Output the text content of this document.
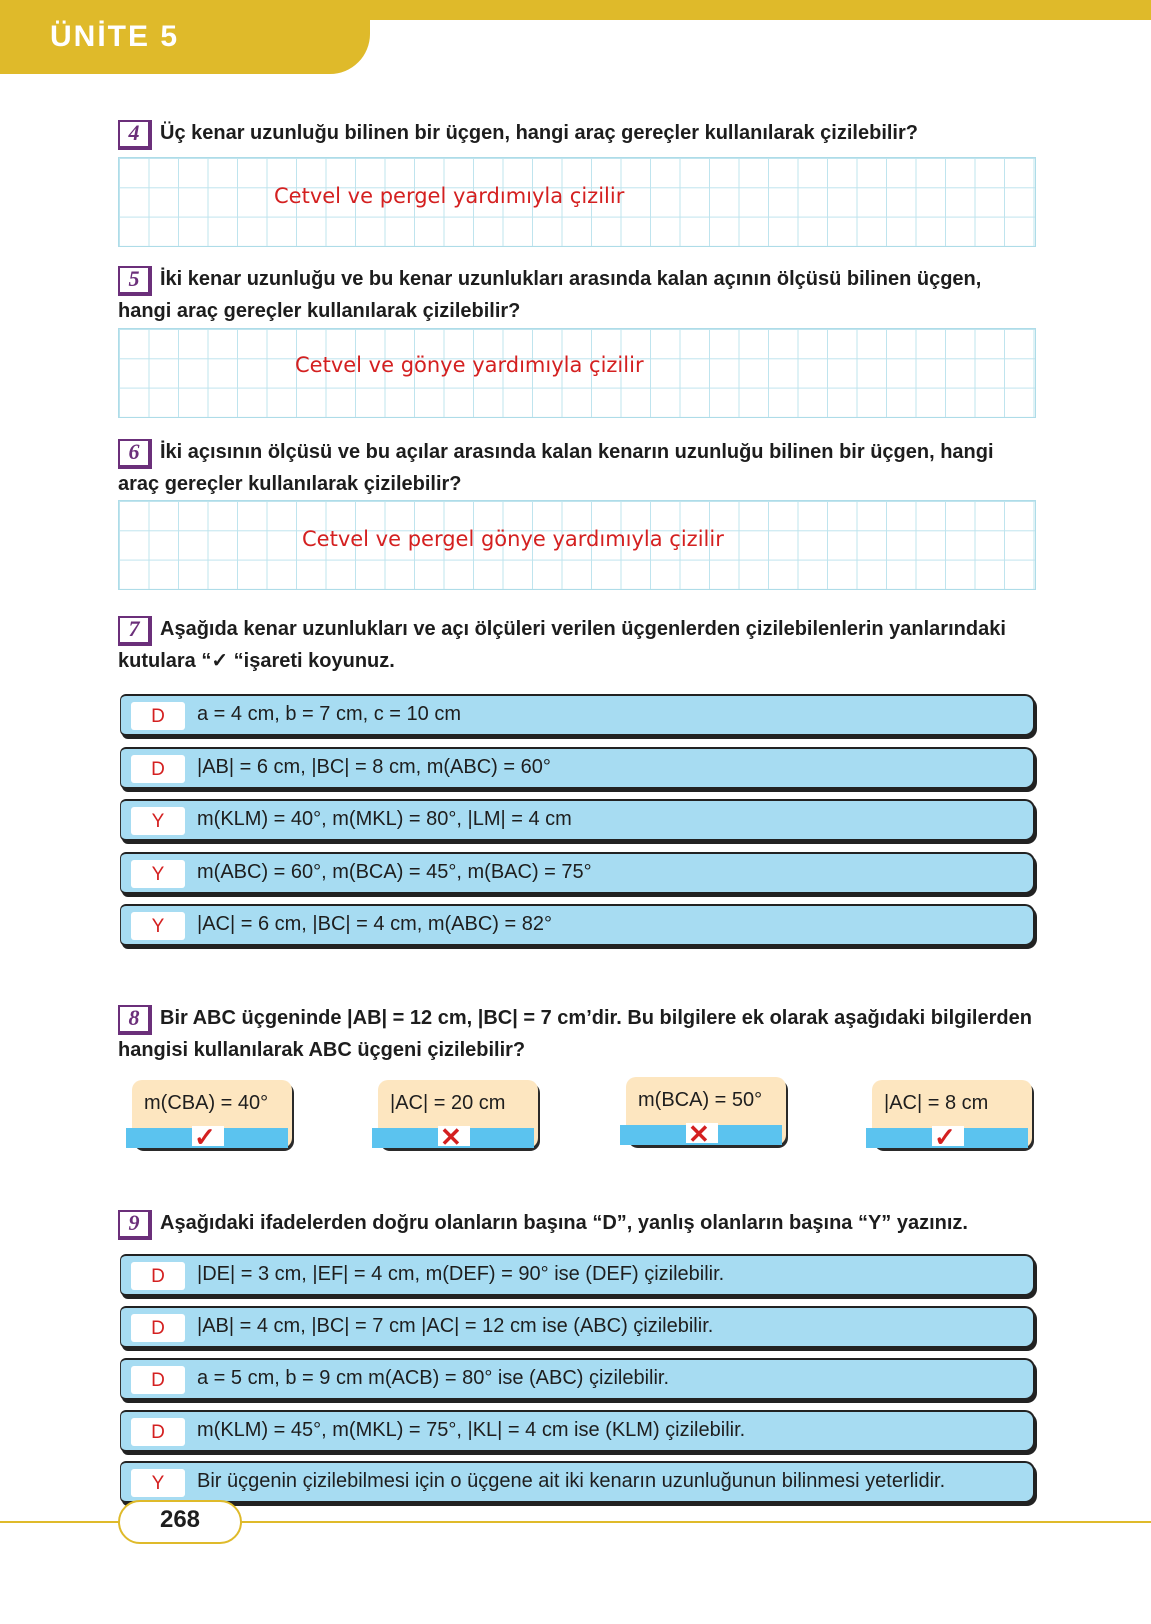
ÜNİTE 5
4 Üç kenar uzunluğu bilinen bir üçgen, hangi araç gereçler kullanılarak çizilebilir?
Cetvel ve pergel yardımıyla çizilir
5 İki kenar uzunluğu ve bu kenar uzunlukları arasında kalan açının ölçüsü bilinen üçgen, hangi araç gereçler kullanılarak çizilebilir?
Cetvel ve gönye yardımıyla çizilir
6 İki açısının ölçüsü ve bu açılar arasında kalan kenarın uzunluğu bilinen bir üçgen, hangi araç gereçler kullanılarak çizilebilir?
Cetvel ve pergel gönye yardımıyla çizilir
7 Aşağıda kenar uzunlukları ve açı ölçüleri verilen üçgenlerden çizilebilenlerin yanlarındaki kutulara “✓ “işareti koyunuz.
D	a = 4 cm, b = 7 cm, c = 10 cm
D	|AB| = 6 cm, |BC| = 8 cm, m(ABC) = 60°
Y	m(KLM) = 40°, m(MKL) = 80°, |LM| = 4 cm
Y	m(ABC) = 60°, m(BCA) = 45°, m(BAC) = 75°
Y	|AC| = 6 cm, |BC| = 4 cm, m(ABC) = 82°
8 Bir ABC üçgeninde |AB| = 12 cm, |BC| = 7 cm’dir. Bu bilgilere ek olarak aşağıdaki bilgilerden hangisi kullanılarak ABC üçgeni çizilebilir?
m(CBA) = 40°
✓
|AC| = 20 cm
✕
m(BCA) = 50°
✕
|AC| = 8 cm
✓
9 Aşağıdaki ifadelerden doğru olanların başına “D”, yanlış olanların başına “Y” yazınız.
D	|DE| = 3 cm, |EF| = 4 cm, m(DEF) = 90° ise (DEF) çizilebilir.
D	|AB| = 4 cm, |BC| = 7 cm |AC| = 12 cm ise (ABC) çizilebilir.
D	a = 5 cm, b = 9 cm m(ACB) = 80° ise (ABC) çizilebilir.
D	m(KLM) = 45°, m(MKL) = 75°, |KL| = 4 cm ise (KLM) çizilebilir.
Y	Bir üçgenin çizilebilmesi için o üçgene ait iki kenarın uzunluğunun bilinmesi yeterlidir.
268
